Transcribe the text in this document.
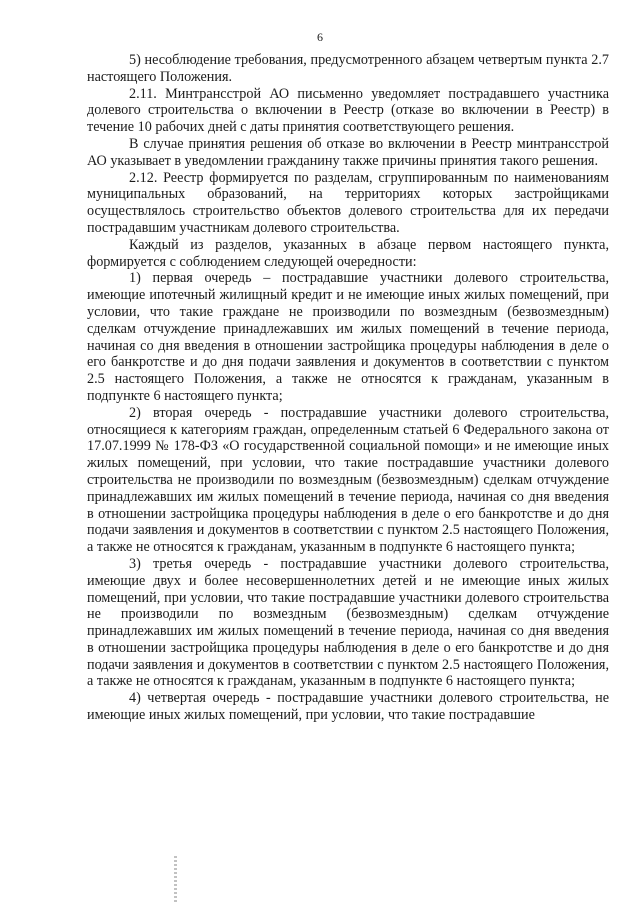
6

5) несоблюдение требования, предусмотренного абзацем четвертым пункта 2.7 настоящего Положения.

2.11. Минтрансстрой АО письменно уведомляет пострадавшего участника долевого строительства о включении в Реестр (отказе во включении в Реестр) в течение 10 рабочих дней с даты принятия соответствующего решения.

В случае принятия решения об отказе во включении в Реестр минтрансстрой АО указывает в уведомлении гражданину также причины принятия такого решения.

2.12. Реестр формируется по разделам, сгруппированным по наименованиям муниципальных образований, на территориях которых застройщиками осуществлялось строительство объектов долевого строительства для их передачи пострадавшим участникам долевого строительства.

Каждый из разделов, указанных в абзаце первом настоящего пункта, формируется с соблюдением следующей очередности:

1) первая очередь – пострадавшие участники долевого строительства, имеющие ипотечный жилищный кредит и не имеющие иных жилых помещений, при условии, что такие граждане не производили по возмездным (безвозмездным) сделкам отчуждение принадлежавших им жилых помещений в течение периода, начиная со дня введения в отношении застройщика процедуры наблюдения в деле о его банкротстве и до дня подачи заявления и документов в соответствии с пунктом 2.5 настоящего Положения, а также не относятся к гражданам, указанным в подпункте 6 настоящего пункта;

2) вторая очередь - пострадавшие участники долевого строительства, относящиеся к категориям граждан, определенным статьей 6 Федерального закона от 17.07.1999 № 178-ФЗ «О государственной социальной помощи» и не имеющие иных жилых помещений, при условии, что такие пострадавшие участники долевого строительства не производили по возмездным (безвозмездным) сделкам отчуждение принадлежавших им жилых помещений в течение периода, начиная со дня введения в отношении застройщика процедуры наблюдения в деле о его банкротстве и до дня подачи заявления и документов в соответствии с пунктом 2.5 настоящего Положения, а также не относятся к гражданам, указанным в подпункте 6 настоящего пункта;

3) третья очередь - пострадавшие участники долевого строительства, имеющие двух и более несовершеннолетних детей и не имеющие иных жилых помещений, при условии, что такие пострадавшие участники долевого строительства не производили по возмездным (безвозмездным) сделкам отчуждение принадлежавших им жилых помещений в течение периода, начиная со дня введения в отношении застройщика процедуры наблюдения в деле о его банкротстве и до дня подачи заявления и документов в соответствии с пунктом 2.5 настоящего Положения, а также не относятся к гражданам, указанным в подпункте 6 настоящего пункта;

4) четвертая очередь - пострадавшие участники долевого строительства, не имеющие иных жилых помещений, при условии, что такие пострадавшие
